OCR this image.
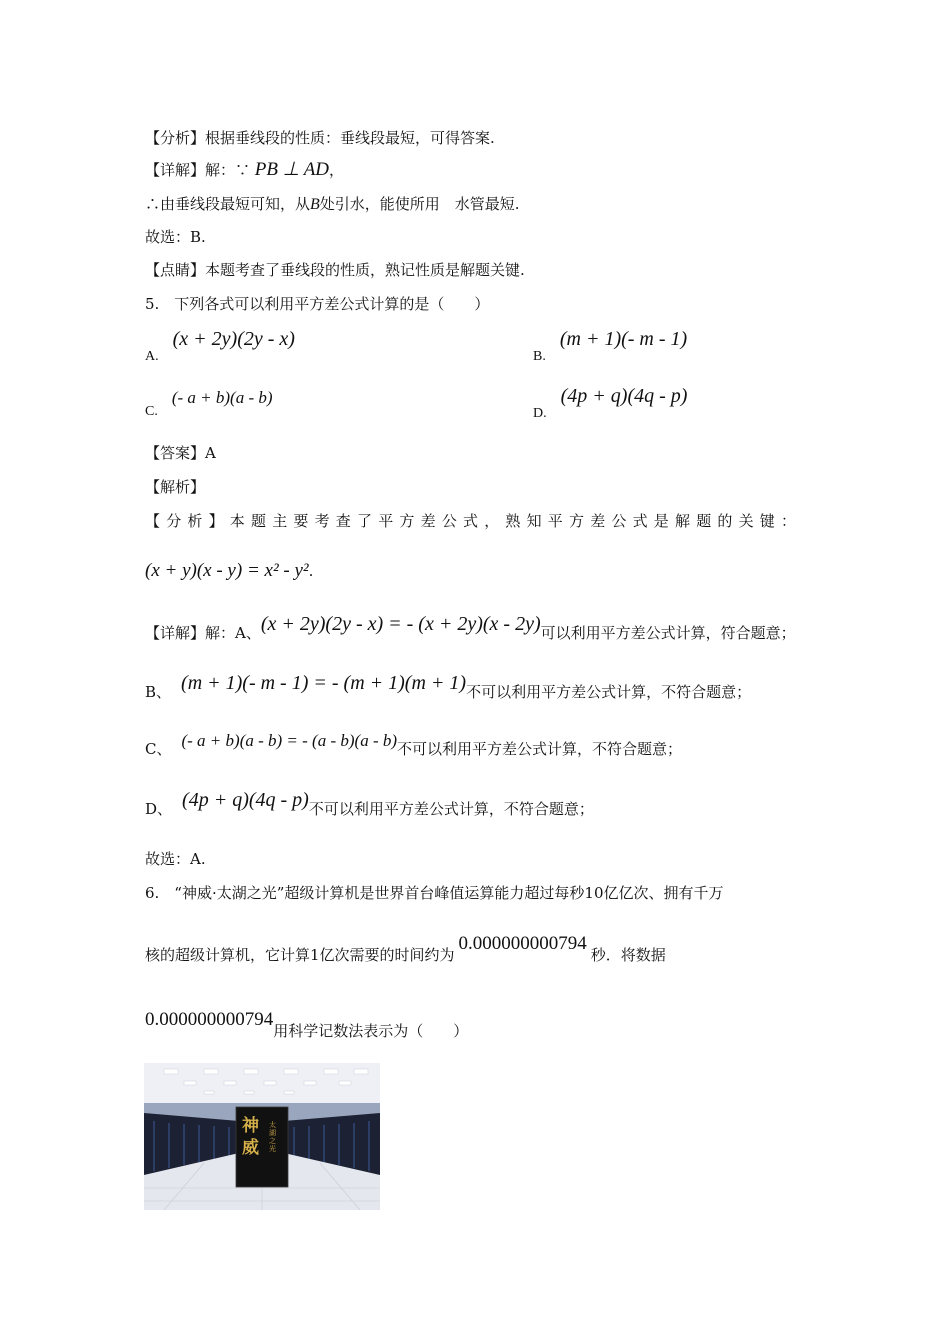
【分析】根据垂线段的性质：垂线段最短，可得答案.
【详解】解：∵ PB ⊥ AD，
∴由垂线段最短可知，从B处引水，能使所用　水管最短.
故选：B.
【点睛】本题考查了垂线段的性质，熟记性质是解题关键.
5.　下列各式可以利用平方差公式计算的是（　　）
A.(x + 2y)(2y - x)
B.(m + 1)(- m - 1)
C.(- a + b)(a - b)
D.(4p + q)(4q - p)
【答案】A
【解析】
【分析】本题主要考查了平方差公式，熟知平方差公式是解题的关键：
(x + y)(x - y) = x² - y².
【详解】解：A、(x + 2y)(2y - x) = - (x + 2y)(x - 2y)可以利用平方差公式计算，符合题意；
B、 (m + 1)(- m - 1) = - (m + 1)(m + 1)不可以利用平方差公式计算，不符合题意；
C、 (- a + b)(a - b) = - (a - b)(a - b)不可以利用平方差公式计算，不符合题意；
D、 (4p + q)(4q - p)不可以利用平方差公式计算，不符合题意；
故选：A.
6.　“神威·太湖之光”超级计算机是世界首台峰值运算能力超过每秒10亿亿次、拥有千万
核的超级计算机，它计算1亿次需要的时间约为0.000000000794秒．将数据
0.000000000794用科学记数法表示为（　　）
神威
太湖之光
